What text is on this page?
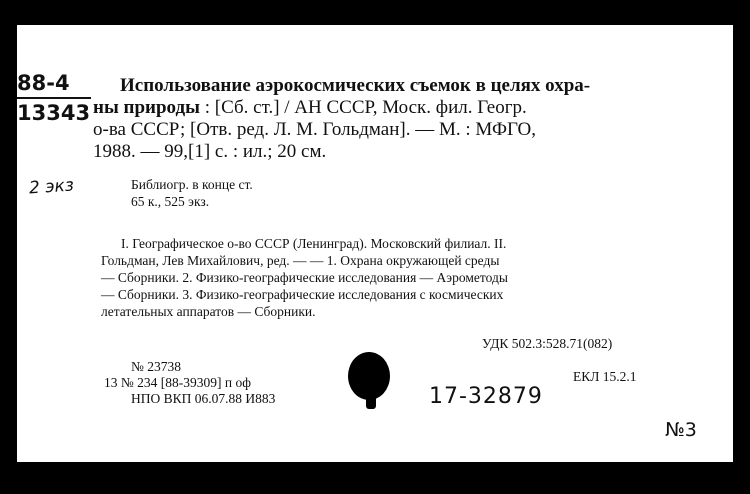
88-4
13343
Использование аэрокосмических съемок в целях охра-
ны природы : [Сб. ст.] / АН СССР, Моск. фил. Геогр.
о-ва СССР; [Отв. ред. Л. М. Гольдман]. — М. : МФГО,
1988. — 99,[1] с. : ил.; 20 см.
2 экз	Библиогр. в конце ст.
65 к., 525 экз.
I. Географическое о-во СССР (Ленинград). Московский филиал. II.
Гольдман, Лев Михайлович, ред. — — 1. Охрана окружающей среды
— Сборники. 2. Физико-географические исследования — Аэрометоды
— Сборники. 3. Физико-географические исследования с космических
летательных аппаратов — Сборники.
УДК 502.3:528.71(082)
№ 23738
13 № 234 [88-39309] п оф
НПО ВКП 06.07.88 И883
ЕКЛ 15.2.1
17-32879
№3
